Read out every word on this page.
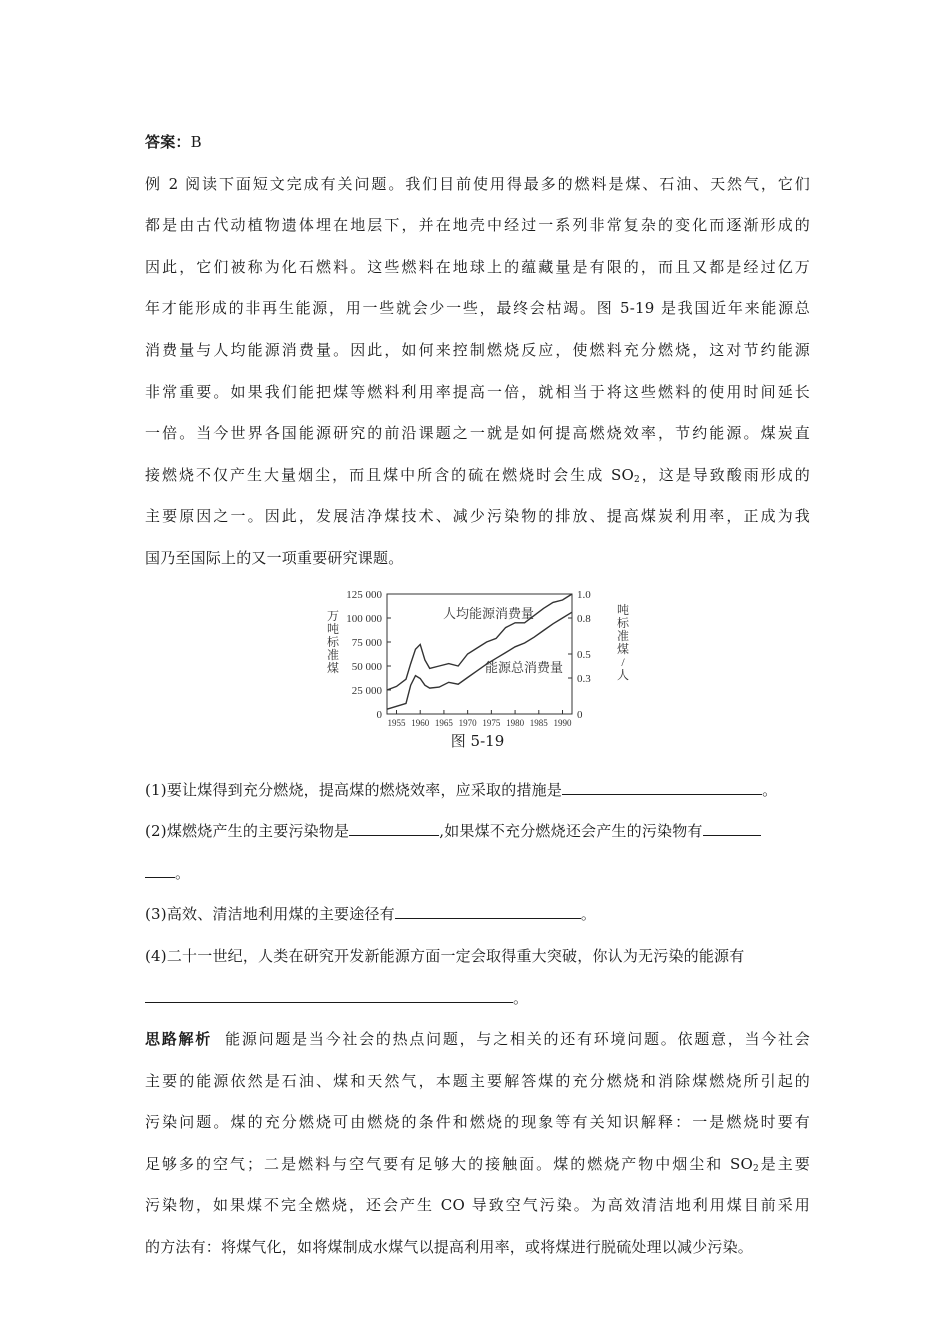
答案：B
例 2 阅读下面短文完成有关问题。我们目前使用得最多的燃料是煤、石油、天然气，它们
都是由古代动植物遗体埋在地层下，并在地壳中经过一系列非常复杂的变化而逐渐形成的
因此，它们被称为化石燃料。这些燃料在地球上的蕴藏量是有限的，而且又都是经过亿万
年才能形成的非再生能源，用一些就会少一些，最终会枯竭。图 5-19 是我国近年来能源总
消费量与人均能源消费量。因此，如何来控制燃烧反应，使燃料充分燃烧，这对节约能源
非常重要。如果我们能把煤等燃料利用率提高一倍，就相当于将这些燃料的使用时间延长
一倍。当今世界各国能源研究的前沿课题之一就是如何提高燃烧效率，节约能源。煤炭直
接燃烧不仅产生大量烟尘，而且煤中所含的硫在燃烧时会生成 $SO_2$，这是导致酸雨形成的
主要原因之一。因此，发展洁净煤技术、减少污染物的排放、提高煤炭利用率，正成为我
国乃至国际上的又一项重要研究课题。
0
25 000
50 000
75 000
100 000
125 000
0
0.3
0.5
0.8
1.0
1955 1960 1965 1970 1975 1980 1985 1990
万
吨
标
准
煤
吨
标
准
煤
/
人
人均能源消费量
能源总消费量
图 5-19
(1)要让煤得到充分燃烧，提高煤的燃烧效率，应采取的措施是	。
(2)煤燃烧产生的主要污染物是	,如果煤不充分燃烧还会产生的污染物有
。
(3)高效、清洁地利用煤的主要途径有	。
(4)二十一世纪，人类在研究开发新能源方面一定会取得重大突破，你认为无污染的能源有
。
思路解析 能源问题是当今社会的热点问题，与之相关的还有环境问题。依题意，当今社会
主要的能源依然是石油、煤和天然气，本题主要解答煤的充分燃烧和消除煤燃烧所引起的
污染问题。煤的充分燃烧可由燃烧的条件和燃烧的现象等有关知识解释：一是燃烧时要有
足够多的空气；二是燃料与空气要有足够大的接触面。煤的燃烧产物中烟尘和 $SO_2$是主要
污染物，如果煤不完全燃烧，还会产生 CO 导致空气污染。为高效清洁地利用煤目前采用
的方法有：将煤气化，如将煤制成水煤气以提高利用率，或将煤进行脱硫处理以减少污染。
